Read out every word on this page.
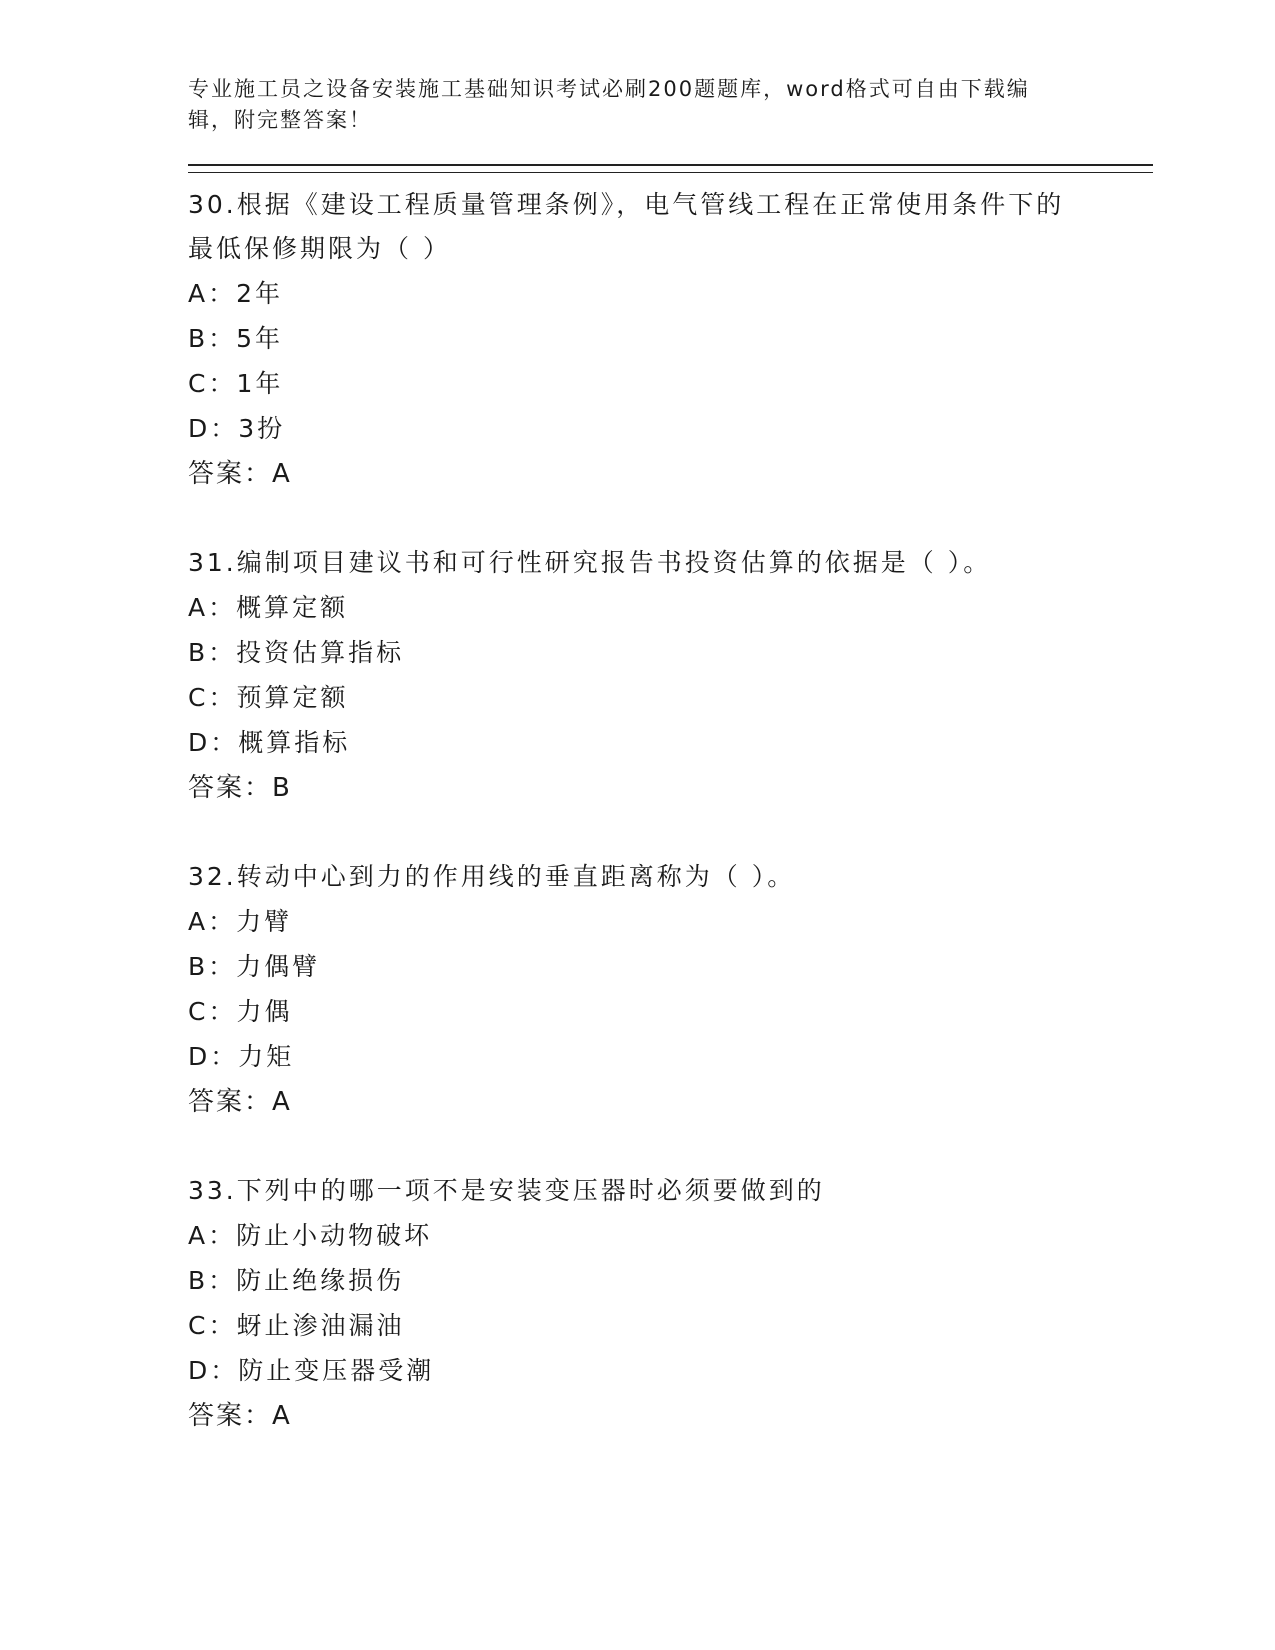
专业施工员之设备安装施工基础知识考试必刷200题题库，word格式可自由下载编辑，附完整答案！
30.根据《建设工程质量管理条例》，电气管线工程在正常使用条件下的最低保修期限为（ ）
A：2年
B：5年
C：1年
D：3扮
答案：A
31.编制项目建议书和可行性研究报告书投资估算的依据是（ ）。
A：概算定额
B：投资估算指标
C：预算定额
D：概算指标
答案：B
32.转动中心到力的作用线的垂直距离称为（ ）。
A：力臂
B：力偶臂
C：力偶
D：力矩
答案：A
33.下列中的哪一项不是安装变压器时必须要做到的
A：防止小动物破坏
B：防止绝缘损伤
C：蚜止渗油漏油
D：防止变压器受潮
答案：A
